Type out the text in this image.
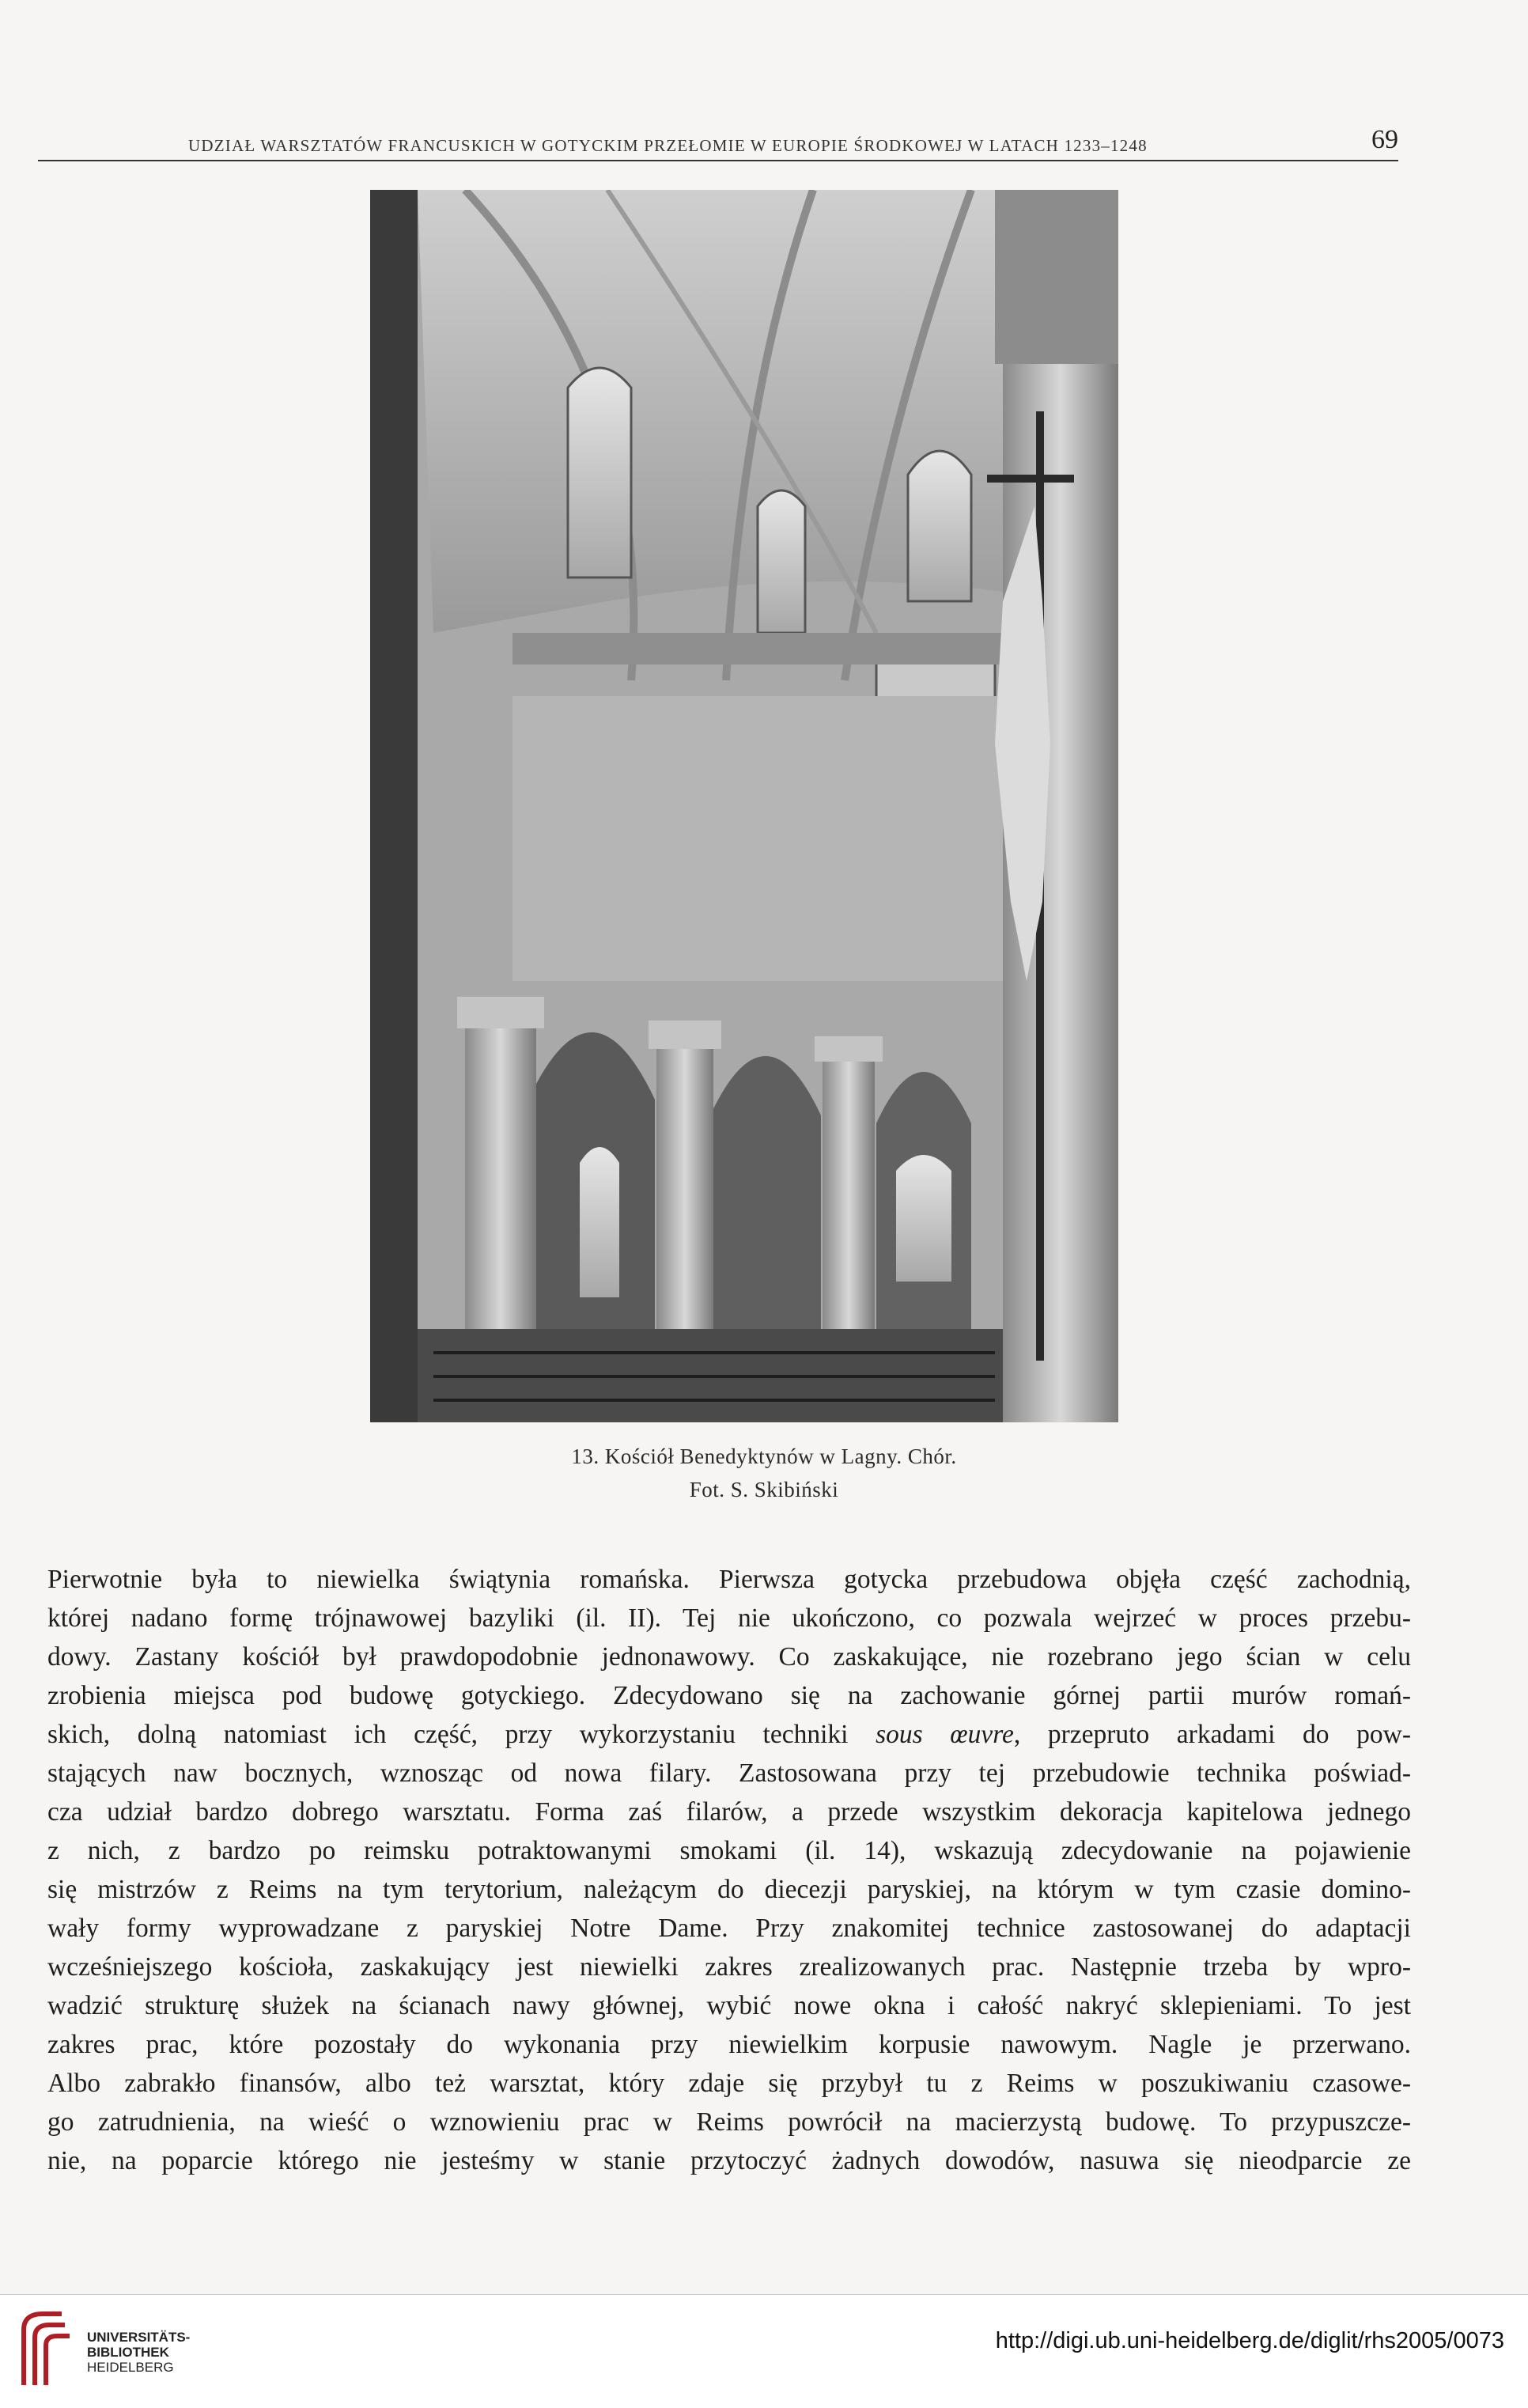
UDZIAŁ WARSZTATÓW FRANCUSKICH W GOTYCKIM PRZEŁOMIE W EUROPIE ŚRODKOWEJ W LATACH 1233–1248	69
13. Kościół Benedyktynów w Lagny. Chór.
Fot. S. Skibiński
Pierwotnie była to niewielka świątynia romańska. Pierwsza gotycka przebudowa objęła część zachodnią,
której nadano formę trójnawowej bazyliki (il. II). Tej nie ukończono, co pozwala wejrzeć w proces przebu-
dowy. Zastany kościół był prawdopodobnie jednonawowy. Co zaskakujące, nie rozebrano jego ścian w celu
zrobienia miejsca pod budowę gotyckiego. Zdecydowano się na zachowanie górnej partii murów romań-
skich, dolną natomiast ich część, przy wykorzystaniu techniki sous œuvre, przepruto arkadami do pow-
stających naw bocznych, wznosząc od nowa filary. Zastosowana przy tej przebudowie technika poświad-
cza udział bardzo dobrego warsztatu. Forma zaś filarów, a przede wszystkim dekoracja kapitelowa jednego
z nich, z bardzo po reimsku potraktowanymi smokami (il. 14), wskazują zdecydowanie na pojawienie
się mistrzów z Reims na tym terytorium, należącym do diecezji paryskiej, na którym w tym czasie domino-
wały formy wyprowadzane z paryskiej Notre Dame. Przy znakomitej technice zastosowanej do adaptacji
wcześniejszego kościoła, zaskakujący jest niewielki zakres zrealizowanych prac. Następnie trzeba by wpro-
wadzić strukturę służek na ścianach nawy głównej, wybić nowe okna i całość nakryć sklepieniami. To jest
zakres prac, które pozostały do wykonania przy niewielkim korpusie nawowym. Nagle je przerwano.
Albo zabrakło finansów, albo też warsztat, który zdaje się przybył tu z Reims w poszukiwaniu czasowe-
go zatrudnienia, na wieść o wznowieniu prac w Reims powrócił na macierzystą budowę. To przypuszcze-
nie, na poparcie którego nie jesteśmy w stanie przytoczyć żadnych dowodów, nasuwa się nieodparcie ze
UNIVERSITÄTS-
BIBLIOTHEK
HEIDELBERG
http://digi.ub.uni-heidelberg.de/diglit/rhs2005/0073
